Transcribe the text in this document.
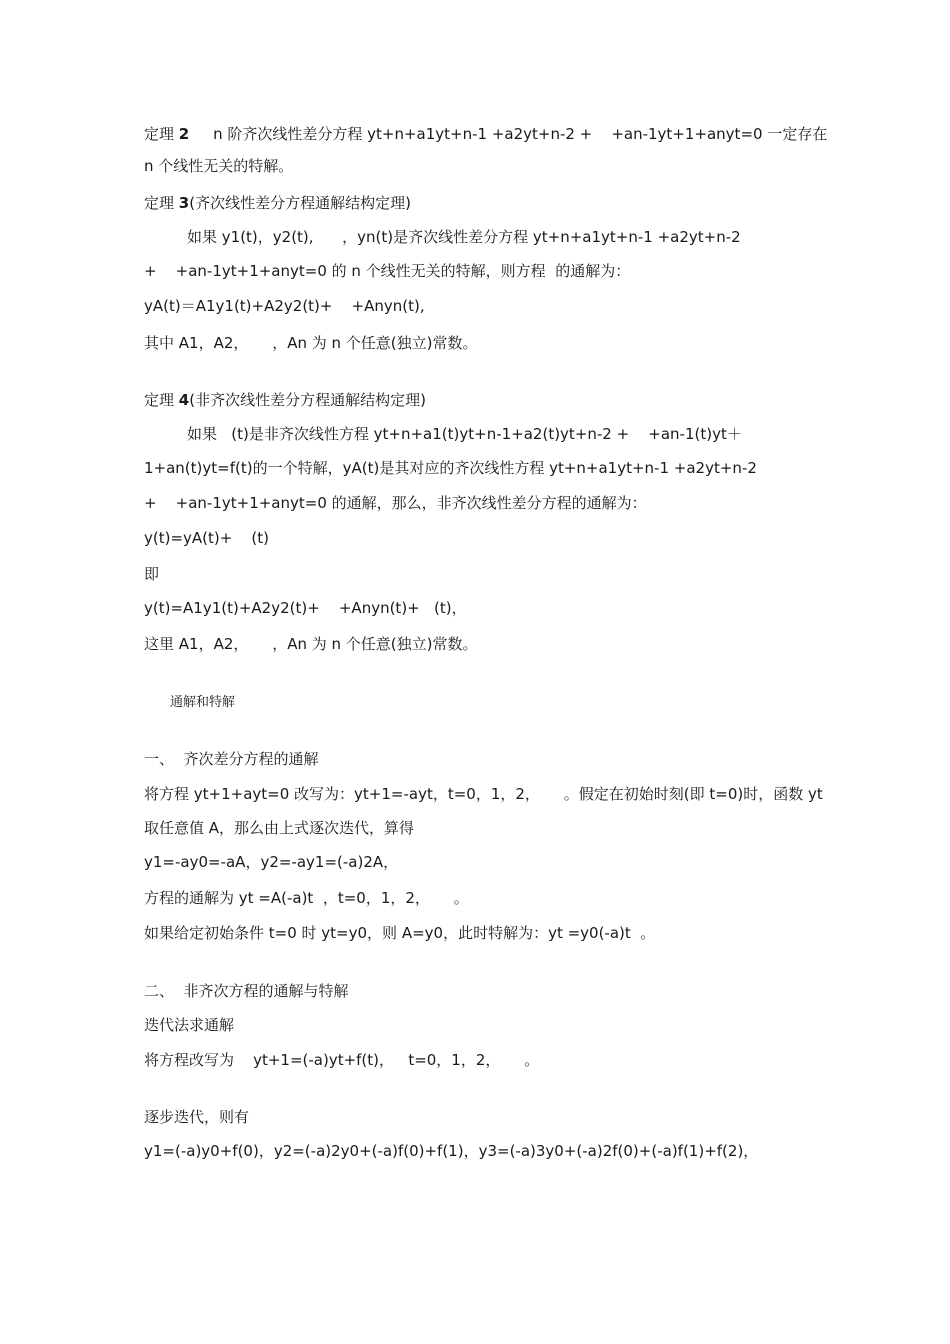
定理 2 n 阶齐次线性差分方程 yt+n+a1yt+n-1 +a2yt+n-2 +    +an-1yt+1+anyt=0 一定存在
n 个线性无关的特解。
定理 3(齐次线性差分方程通解结构定理)
如果 y1(t)，y2(t),      ，yn(t)是齐次线性差分方程 yt+n+a1yt+n-1 +a2yt+n-2
+    +an-1yt+1+anyt=0 的 n 个线性无关的特解，则方程  的通解为：
yA(t)＝A1y1(t)+A2y2(t)+    +Anyn(t),
其中 A1，A2，     ，An 为 n 个任意(独立)常数。
定理 4(非齐次线性差分方程通解结构定理)
如果   (t)是非齐次线性方程 yt+n+a1(t)yt+n-1+a2(t)yt+n-2 +    +an-1(t)yt＋
1+an(t)yt=f(t)的一个特解，yA(t)是其对应的齐次线性方程 yt+n+a1yt+n-1 +a2yt+n-2
+    +an-1yt+1+anyt=0 的通解，那么，非齐次线性差分方程的通解为：
y(t)=yA(t)+    (t)
即
y(t)=A1y1(t)+A2y2(t)+    +Anyn(t)+   (t)，
这里 A1，A2，     ，An 为 n 个任意(独立)常数。
通解和特解
一、  齐次差分方程的通解
将方程 yt+1+ayt=0 改写为：yt+1=-ayt，t=0，1，2，     。假定在初始时刻(即 t=0)时，函数 yt
取任意值 A，那么由上式逐次迭代，算得
y1=-ay0=-aA，y2=-ay1=(-a)2A，
方程的通解为 yt =A(-a)t  ，t=0，1，2，     。
如果给定初始条件 t=0 时 yt=y0，则 A=y0，此时特解为：yt =y0(-a)t  。
二、  非齐次方程的通解与特解
迭代法求通解
将方程改写为    yt+1=(-a)yt+f(t)，   t=0，1，2，     。
逐步迭代，则有
y1=(-a)y0+f(0)，y2=(-a)2y0+(-a)f(0)+f(1)，y3=(-a)3y0+(-a)2f(0)+(-a)f(1)+f(2)，
